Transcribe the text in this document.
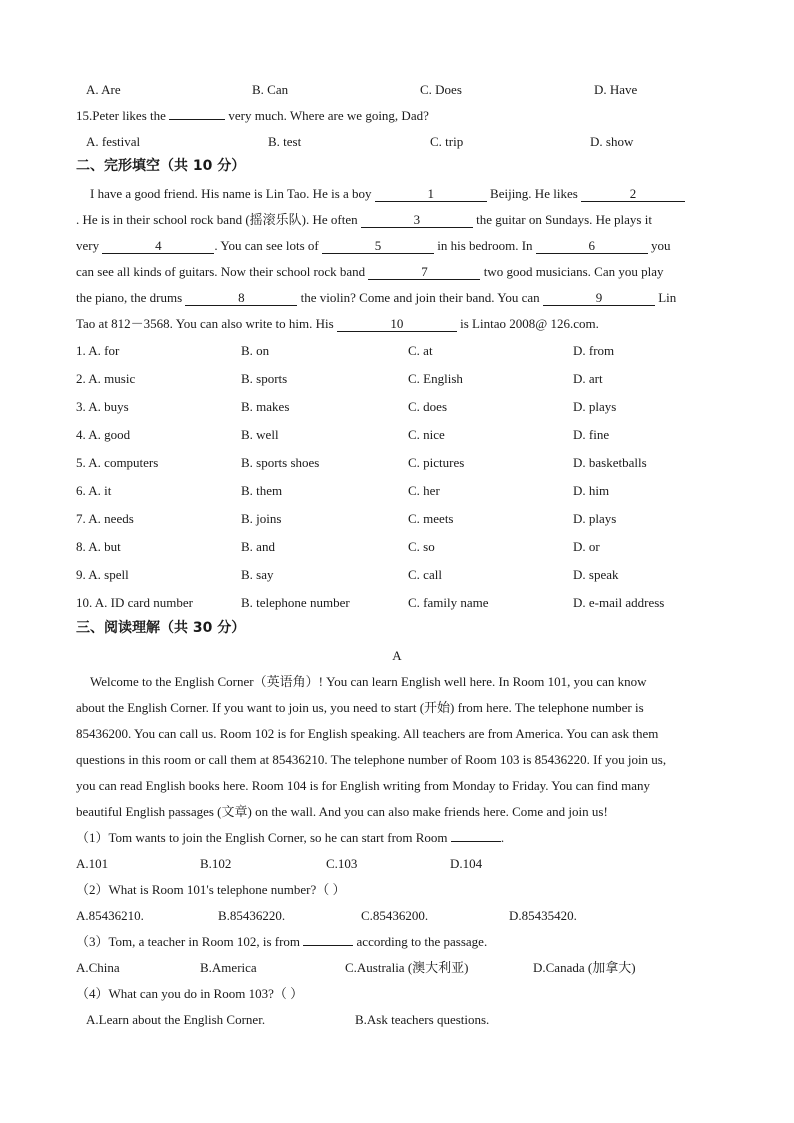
A. Are	B. Can	C. Does	D. Have
15.Peter likes the	very much. Where are we going, Dad?
A. festival	B. test	C. trip	D. show
二、完形填空（共 10 分）
I have a good friend. His name is Lin Tao. He is a boy	1	Beijing. He likes	2
. He is in their school rock band (摇滚乐队). He often	3	the guitar on Sundays. He plays it
very	4	. You can see lots of	5	in his bedroom. In	6	you
can see all kinds of guitars. Now their school rock band	7	two good musicians. Can you play
the piano, the drums	8	the violin? Come and join their band. You can	9	Lin
Tao at 812－3568. You can also write to him. His	10	is Lintao 2008@ 126.com.
1. A. for	B. on	C. at	D. from
2. A. music	B. sports	C. English	D. art
3. A. buys	B. makes	C. does	D. plays
4. A. good	B. well	C. nice	D. fine
5. A. computers	B. sports shoes	C. pictures	D. basketballs
6. A. it	B. them	C. her	D. him
7. A. needs	B. joins	C. meets	D. plays
8. A. but	B. and	C. so	D. or
9. A. spell	B. say	C. call	D. speak
10. A. ID card number	B. telephone number	C. family name	D. e-mail address
三、阅读理解（共 30 分）
A
Welcome to the English Corner（英语角）! You can learn English well here. In Room 101, you can know
about the English Corner. If you want to join us, you need to start (开始) from here. The telephone number is
85436200. You can call us. Room 102 is for English speaking. All teachers are from America. You can ask them
questions in this room or call them at 85436210. The telephone number of Room 103 is 85436220. If you join us,
you can read English books here. Room 104 is for English writing from Monday to Friday. You can find many
beautiful English passages (文章) on the wall. And you can also make friends here. Come and join us!
（1）Tom wants to join the English Corner, so he can start from Room	.
A.101	B.102	C.103	D.104
（2）What is Room 101's telephone number?（ ）
A.85436210.	B.85436220.	C.85436200.	D.85435420.
（3）Tom, a teacher in Room 102, is from	according to the passage.
A.China	B.America	C.Australia (澳大利亚)	D.Canada (加拿大)
（4）What can you do in Room 103?（ ）
A.Learn about the English Corner.	B.Ask teachers questions.
